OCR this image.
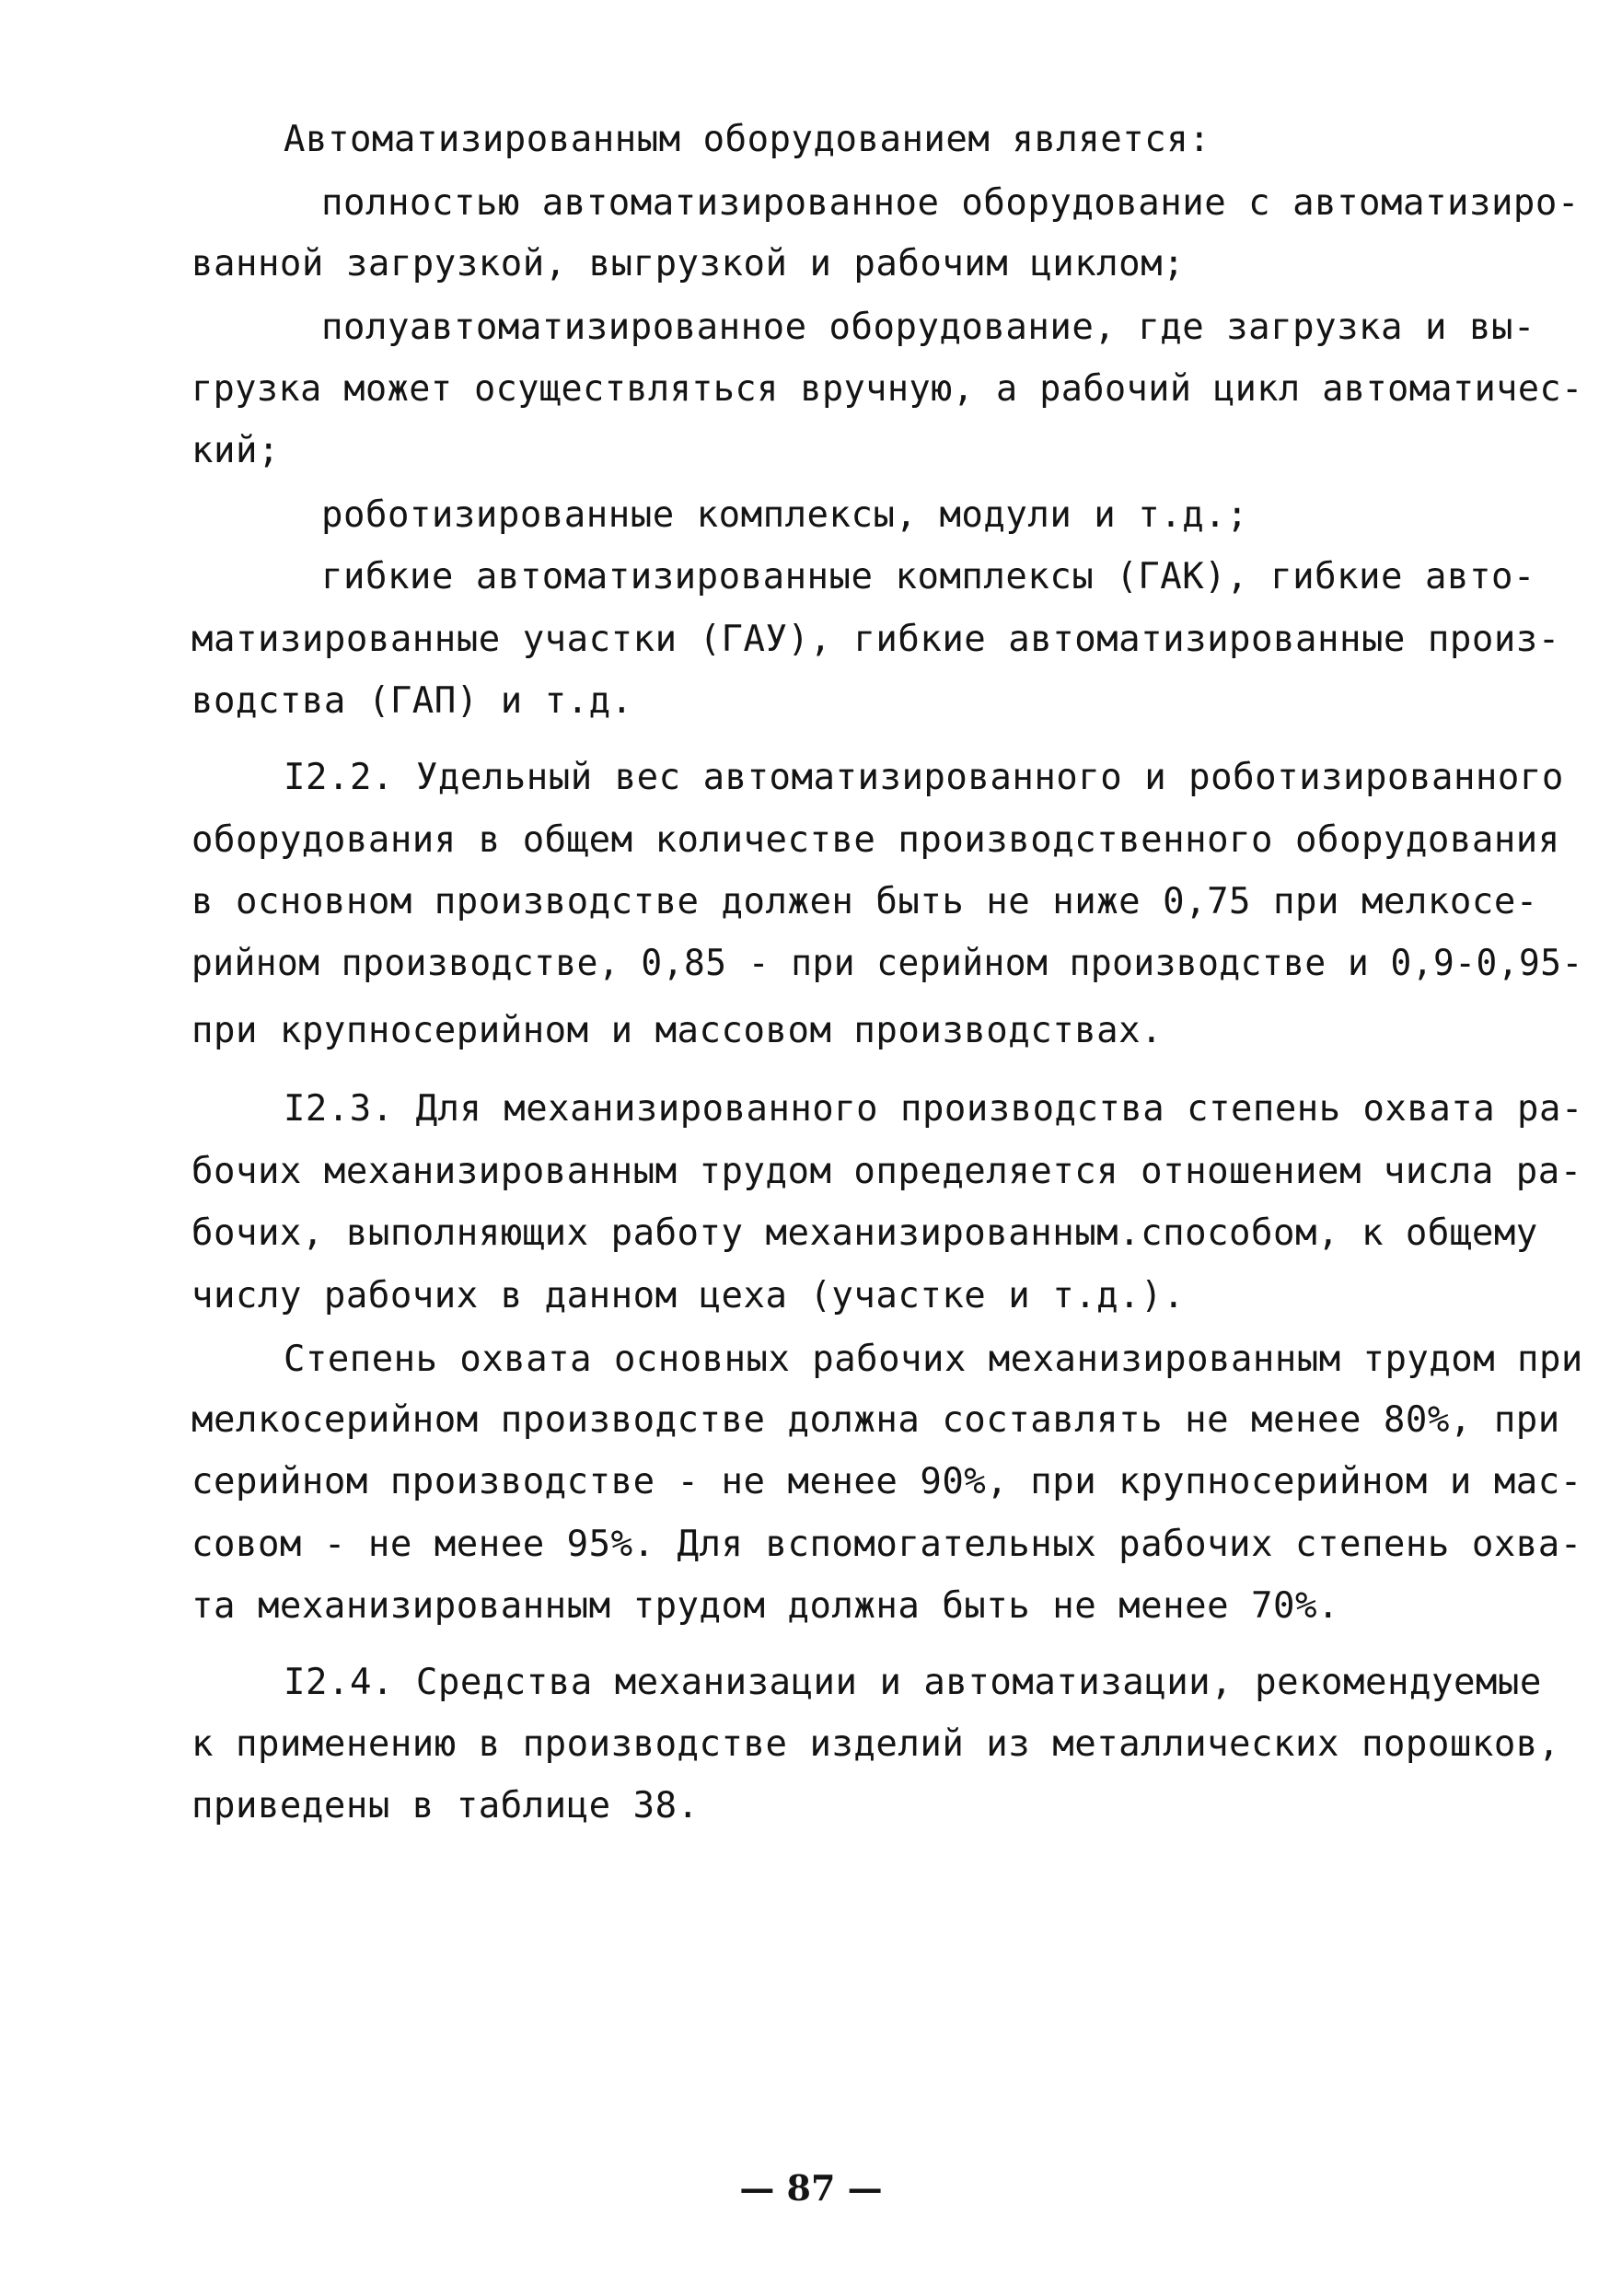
Автоматизированным оборудованием является:
полностью автоматизированное оборудование с автоматизиро-
ванной загрузкой, выгрузкой и рабочим циклом;
полуавтоматизированное оборудование, где загрузка и вы-
грузка может осуществляться вручную, а рабочий цикл автоматичес-
кий;
роботизированные комплексы, модули и т.д.;
гибкие автоматизированные комплексы (ГАК), гибкие авто-
матизированные участки (ГАУ), гибкие автоматизированные произ-
водства (ГАП) и т.д.
I2.2. Удельный вес автоматизированного и роботизированного
оборудования в общем количестве производственного оборудования
в основном производстве должен быть не ниже 0,75 при мелкосе-
рийном производстве, 0,85 - при серийном производстве и 0,9-0,95-
при крупносерийном и массовом производствах.
I2.3. Для механизированного производства степень охвата ра-
бочих механизированным трудом определяется отношением числа ра-
бочих, выполняющих работу механизированным.способом, к общему
числу рабочих в данном цеха (участке и т.д.).
Степень охвата основных рабочих механизированным трудом при
мелкосерийном производстве должна составлять не менее 80%, при
серийном производстве - не менее 90%, при крупносерийном и мас-
совом - не менее 95%. Для вспомогательных рабочих степень охва-
та механизированным трудом должна быть не менее 70%.
I2.4. Средства механизации и автоматизации, рекомендуемые
к применению в производстве изделий из металлических порошков,
приведены в таблице 38.
— 87 —
